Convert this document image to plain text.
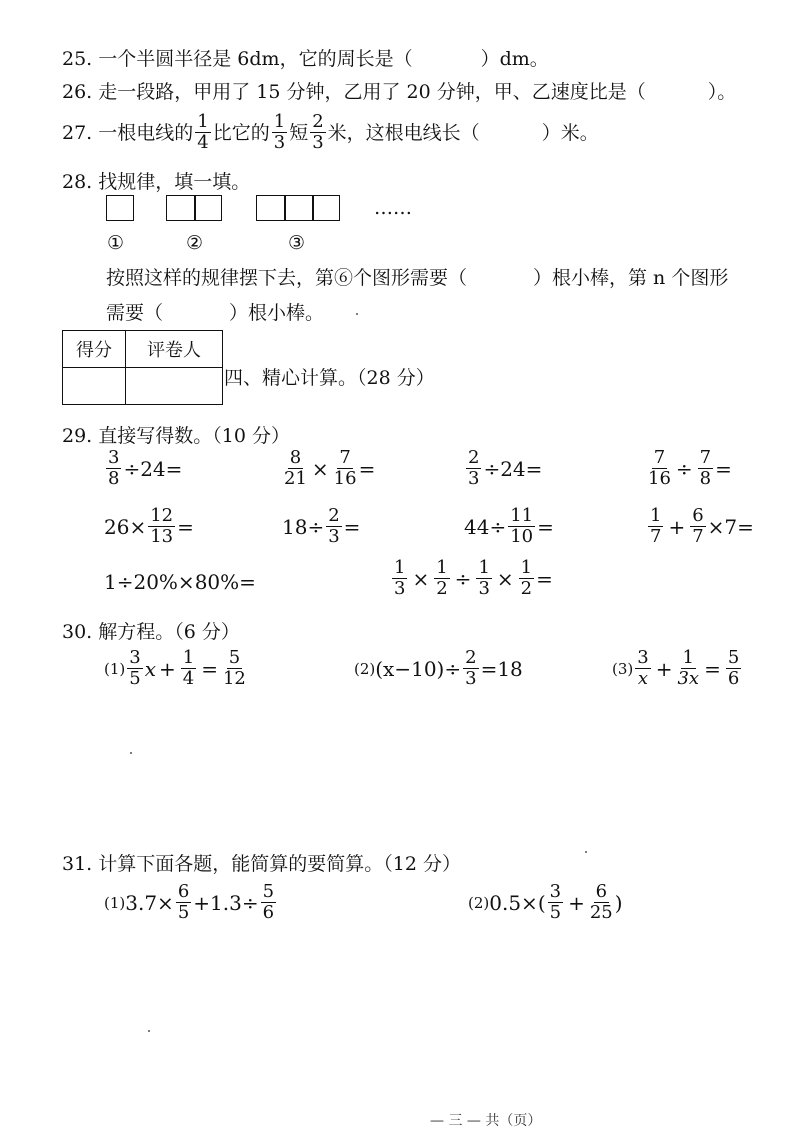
25. 一个半圆半径是 6dm，它的周长是（	）dm。
26. 走一段路，甲用了 15 分钟，乙用了 20 分钟，甲、乙速度比是（	）。
27.
一根电线的 $\frac{1}{4}$ 比它的 $\frac{1}{3}$ 短 $\frac{2}{3}$ 米，这根电线长（	）米。
28. 找规律，填一填。
……
①	②	③
按照这样的规律摆下去，第⑥个图形需要（	）根小棒，第 n 个图形
需要（	）根小棒。
得分	评卷人

四、精心计算。（28 分）
29. 直接写得数。（10 分）
$\frac{3}{8} \div 24=$	$\frac{8}{21} \times \frac{7}{16}$ =	$\frac{2}{3} \div 24=$	$\frac{7}{16} \div \frac{7}{8}$ =
$26\times \frac{12}{13}$ =	$18\div \frac{2}{3}$ =	$44\div \frac{11}{10}$ =	$\frac{1}{7} + \frac{6}{7} \times 7=$
1÷20%×80%=	$\frac{1}{3} \times \frac{1}{2} \div \frac{1}{3} \times \frac{1}{2}$ =
30. 解方程。（6 分）
$(1) \frac{3}{5}$ $x + \frac{1}{4} = \frac{5}{12}$	(2) $(x-10)\div \frac{2}{3} =18$	$(3) \frac{3}{x} + \frac{1}{3x} = \frac{5}{6}$
31. 计算下面各题，能简算的要简算。（12 分）
(1) $3.7\times \frac{6}{5} +1.3\div \frac{5}{6}$	(2) $0.5\times( \frac{3}{5} + \frac{6}{25}$ )
— 三 — 共（页）
